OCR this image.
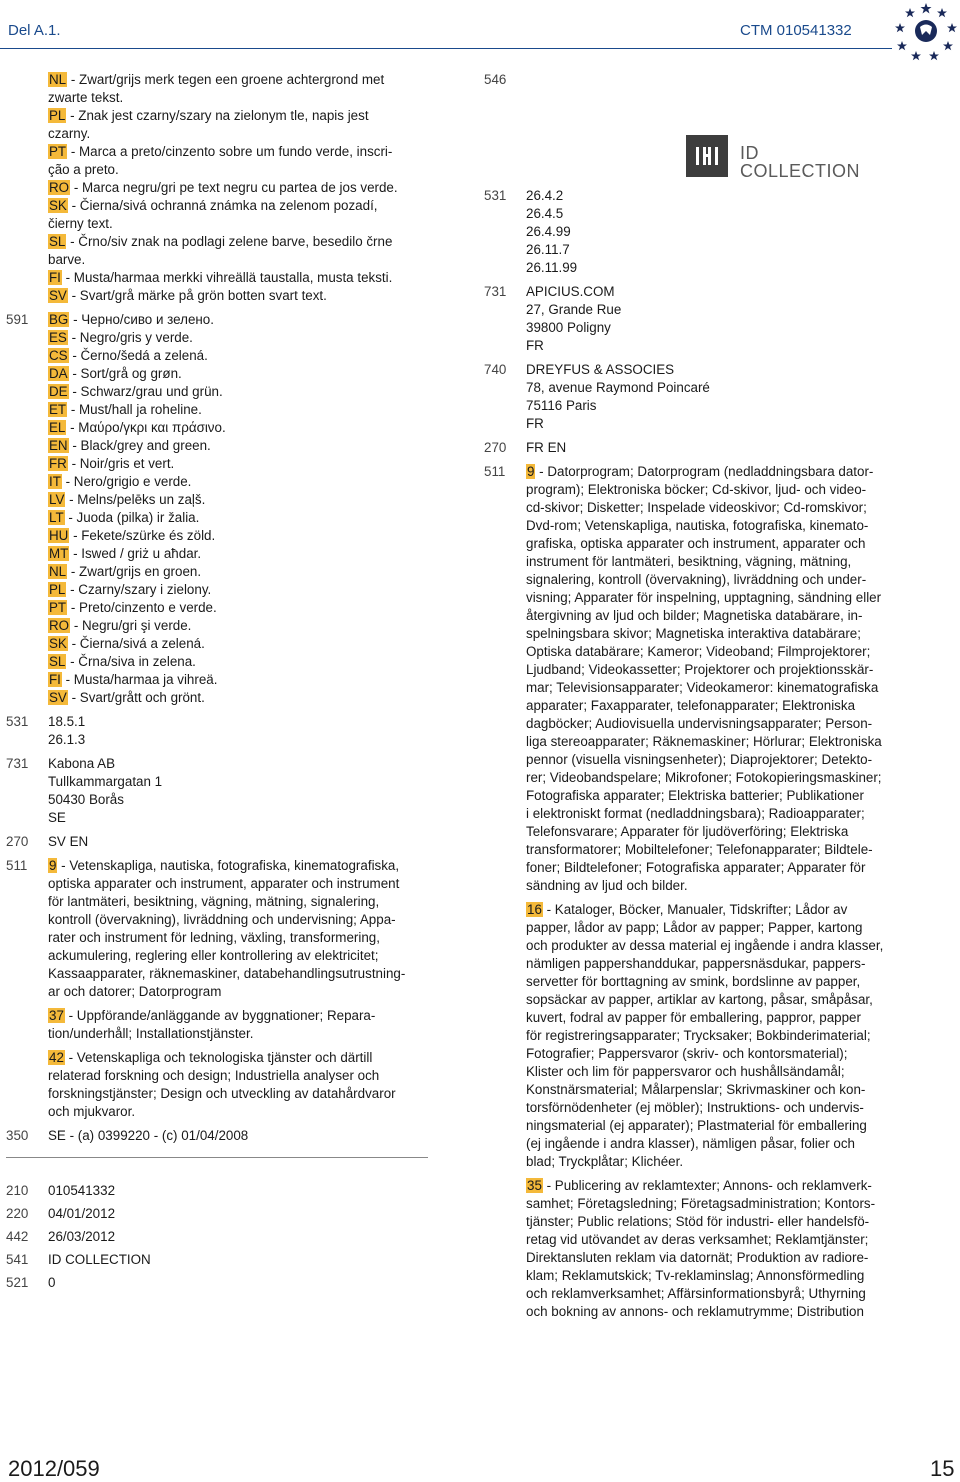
Del A.1.	CTM 010541332
NL - Zwart/grijs merk tegen een groene achtergrond met
zwarte tekst.
PL - Znak jest czarny/szary na zielonym tle, napis jest
czarny.
PT - Marca a preto/cinzento sobre um fundo verde, inscri-
ção a preto.
RO - Marca negru/gri pe text negru cu partea de jos verde.
SK - Čierna/sivá ochranná známka na zelenom pozadí,
čierny text.
SL - Črno/siv znak na podlagi zelene barve, besedilo črne
barve.
FI - Musta/harmaa merkki vihreällä taustalla, musta teksti.
SV - Svart/grå märke på grön botten svart text.
591	BG - Черно/сиво и зелено.
ES - Negro/gris y verde.
CS - Černo/šedá a zelená.
DA - Sort/grå og grøn.
DE - Schwarz/grau und grün.
ET - Must/hall ja roheline.
EL - Μαύρο/γκρι και πράσινο.
EN - Black/grey and green.
FR - Noir/gris et vert.
IT - Nero/grigio e verde.
LV - Melns/pelēks un zaļš.
LT - Juoda (pilka) ir žalia.
HU - Fekete/szürke és zöld.
MT - Iswed / griż u aħdar.
NL - Zwart/grijs en groen.
PL - Czarny/szary i zielony.
PT - Preto/cinzento e verde.
RO - Negru/gri şi verde.
SK - Čierna/sivá a zelená.
SL - Črna/siva in zelena.
FI - Musta/harmaa ja vihreä.
SV - Svart/grått och grönt.
531	18.5.1
26.1.3
731	Kabona AB
Tullkammargatan 1
50430 Borås
SE
270	SV EN
511	9 - Vetenskapliga, nautiska, fotografiska, kinematografiska,
optiska apparater och instrument, apparater och instrument
för lantmäteri, besiktning, vägning, mätning, signalering,
kontroll (övervakning), livräddning och undervisning; Appa-
rater och instrument för ledning, växling, transformering,
ackumulering, reglering eller kontrollering av elektricitet;
Kassaapparater, räknemaskiner, databehandlingsutrustning-
ar och datorer; Datorprogram
37 - Uppförande/anläggande av byggnationer; Repara-
tion/underhåll; Installationstjänster.
42 - Vetenskapliga och teknologiska tjänster och därtill
relaterad forskning och design; Industriella analyser och
forskningstjänster; Design och utveckling av datahårdvaror
och mjukvaror.
350	SE - (a) 0399220 - (c) 01/04/2008
210	010541332
220	04/01/2012
442	26/03/2012
541	ID COLLECTION
521	0
546
ID COLLECTION
531	26.4.2
26.4.5
26.4.99
26.11.7
26.11.99
731	APICIUS.COM
27, Grande Rue
39800 Poligny
FR
740	DREYFUS & ASSOCIES
78, avenue Raymond Poincaré
75116 Paris
FR
270	FR EN
511	9 - Datorprogram; Datorprogram (nedladdningsbara dator-
program); Elektroniska böcker; Cd-skivor, ljud- och video-
cd-skivor; Disketter; Inspelade videoskivor; Cd-romskivor;
Dvd-rom; Vetenskapliga, nautiska, fotografiska, kinemato-
grafiska, optiska apparater och instrument, apparater och
instrument för lantmäteri, besiktning, vägning, mätning,
signalering, kontroll (övervakning), livräddning och under-
visning; Apparater för inspelning, upptagning, sändning eller
återgivning av ljud och bilder; Magnetiska databärare, in-
spelningsbara skivor; Magnetiska interaktiva databärare;
Optiska databärare; Kameror; Videoband; Filmprojektorer;
Ljudband; Videokassetter; Projektorer och projektionsskär-
mar; Televisionsapparater; Videokameror: kinematografiska
apparater; Faxapparater, telefonapparater; Elektroniska
dagböcker; Audiovisuella undervisningsapparater; Person-
liga stereoapparater; Räknemaskiner; Hörlurar; Elektroniska
pennor (visuella visningsenheter); Diaprojektorer; Detekto-
rer; Videobandspelare; Mikrofoner; Fotokopieringsmaskiner;
Fotografiska apparater; Elektriska batterier; Publikationer
i elektroniskt format (nedladdningsbara); Radioapparater;
Telefonsvarare; Apparater för ljudöverföring; Elektriska
transformatorer; Mobiltelefoner; Telefonapparater; Bildtele-
foner; Bildtelefoner; Fotografiska apparater; Apparater för
sändning av ljud och bilder.
16 - Kataloger, Böcker, Manualer, Tidskrifter; Lådor av
papper, lådor av papp; Lådor av papper; Papper, kartong
och produkter av dessa material ej ingående i andra klasser,
nämligen pappershanddukar, pappersnäsdukar, pappers-
servetter för borttagning av smink, bordslinne av papper,
sopsäckar av papper, artiklar av kartong, påsar, småpåsar,
kuvert, fodral av papper för emballering, pappror, papper
för registreringsapparater; Trycksaker; Bokbinderimaterial;
Fotografier; Pappersvaror (skriv- och kontorsmaterial);
Klister och lim för pappersvaror och hushållsändamål;
Konstnärsmaterial; Målarpenslar; Skrivmaskiner och kon-
torsförnödenheter (ej möbler); Instruktions- och undervis-
ningsmaterial (ej apparater); Plastmaterial för emballering
(ej ingående i andra klasser), nämligen påsar, folier och
blad; Tryckplåtar; Klichéer.
35 - Publicering av reklamtexter; Annons- och reklamverk-
samhet; Företagsledning; Företagsadministration; Kontors-
tjänster; Public relations; Stöd för industri- eller handelsfö-
retag vid utövandet av deras verksamhet; Reklamtjänster;
Direktansluten reklam via datornät; Produktion av radiore-
klam; Reklamutskick; Tv-reklaminslag; Annonsförmedling
och reklamverksamhet; Affärsinformationsbyrå; Uthyrning
och bokning av annons- och reklamutrymme; Distribution
2012/059	15
